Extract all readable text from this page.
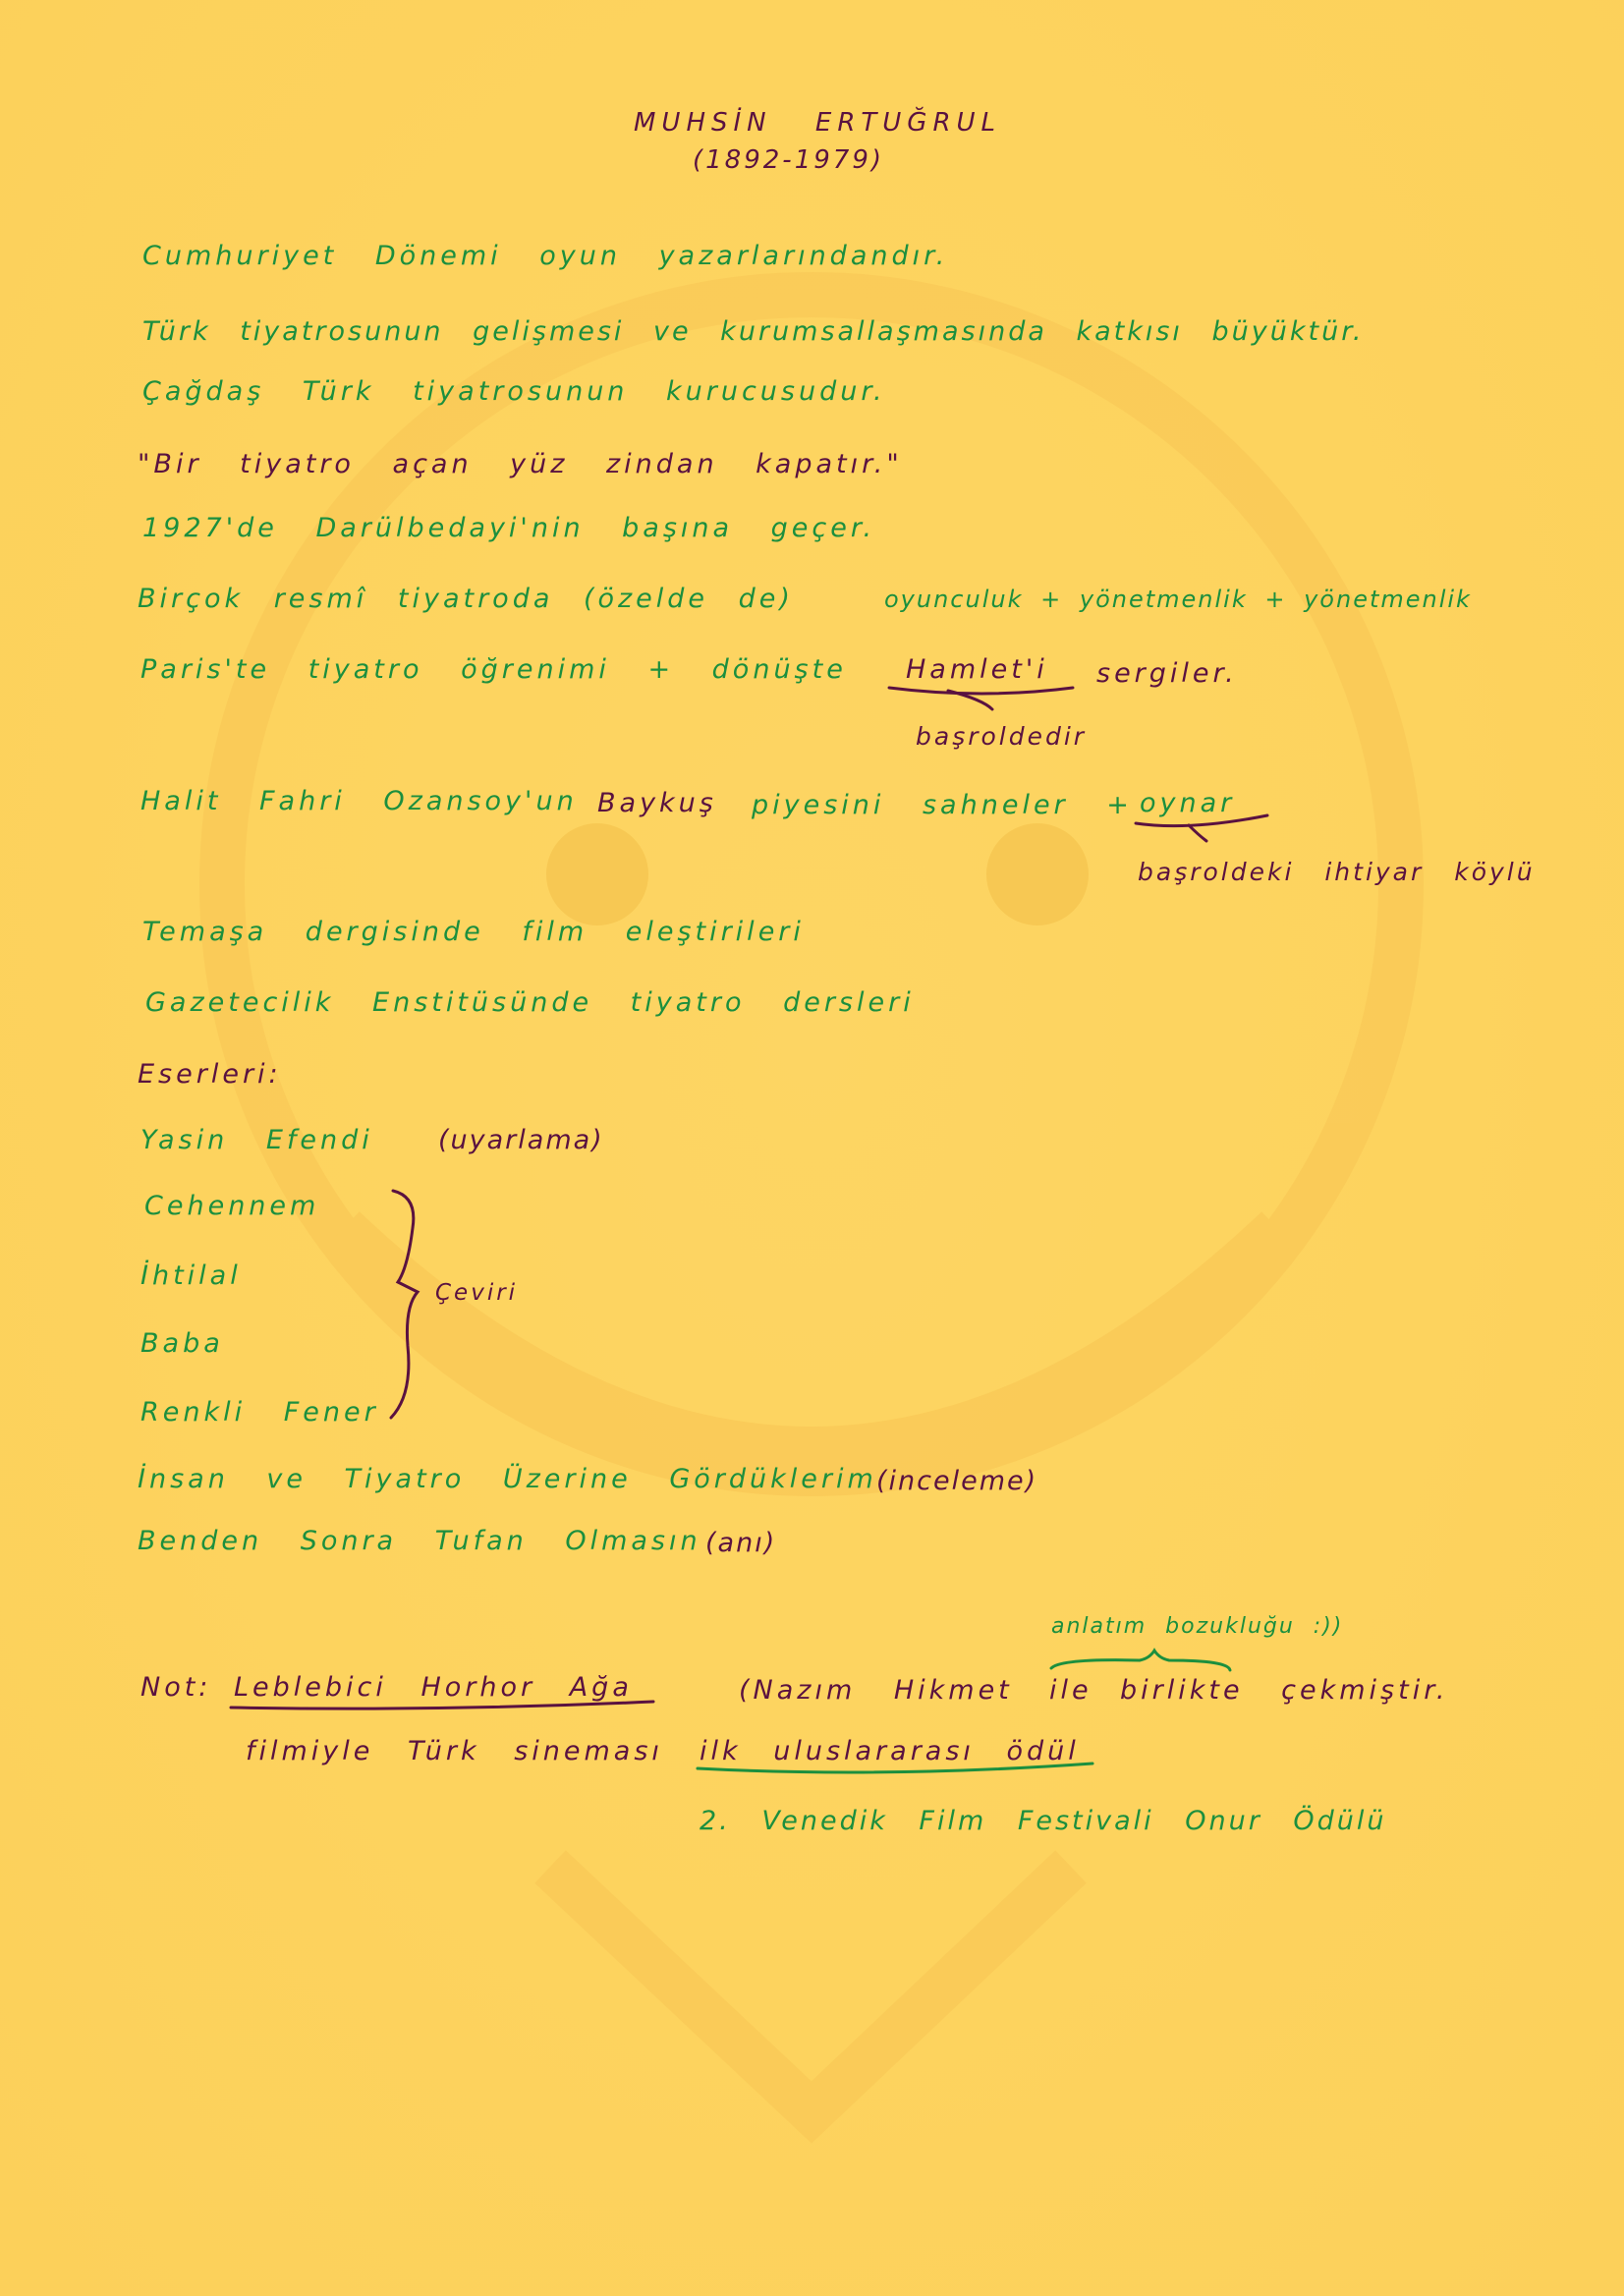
MUHSİN ERTUĞRUL
(1892-1979)
Cumhuriyet Dönemi oyun yazarlarındandır.
Türk tiyatrosunun gelişmesi ve kurumsallaşmasında katkısı büyüktür.
Çağdaş Türk tiyatrosunun kurucusudur.
"Bir tiyatro açan yüz zindan kapatır."
1927'de Darülbedayi'nin başına geçer.
Birçok resmî tiyatroda (özelde de)	oyunculuk + yönetmenlik + yönetmenlik
Paris'te tiyatro öğrenimi + dönüşte Hamlet'i sergiler.
başroldedir
Halit Fahri Ozansoy'un Baykuş piyesini sahneler + oynar
başroldeki ihtiyar köylü
Temaşa dergisinde film eleştirileri
Gazetecilik Enstitüsünde tiyatro dersleri
Eserleri:
Yasin Efendi (uyarlama)
Cehennem
İhtilal
Baba
Renkli Fener
Çeviri
İnsan ve Tiyatro Üzerine Gördüklerim (inceleme)
Benden Sonra Tufan Olmasın (anı)
anlatım bozukluğu :))
Not: Leblebici Horhor Ağa	(Nazım Hikmet ile birlikte çekmiştir.
filmiyle Türk sineması ilk uluslararası ödül
2. Venedik Film Festivali Onur Ödülü
